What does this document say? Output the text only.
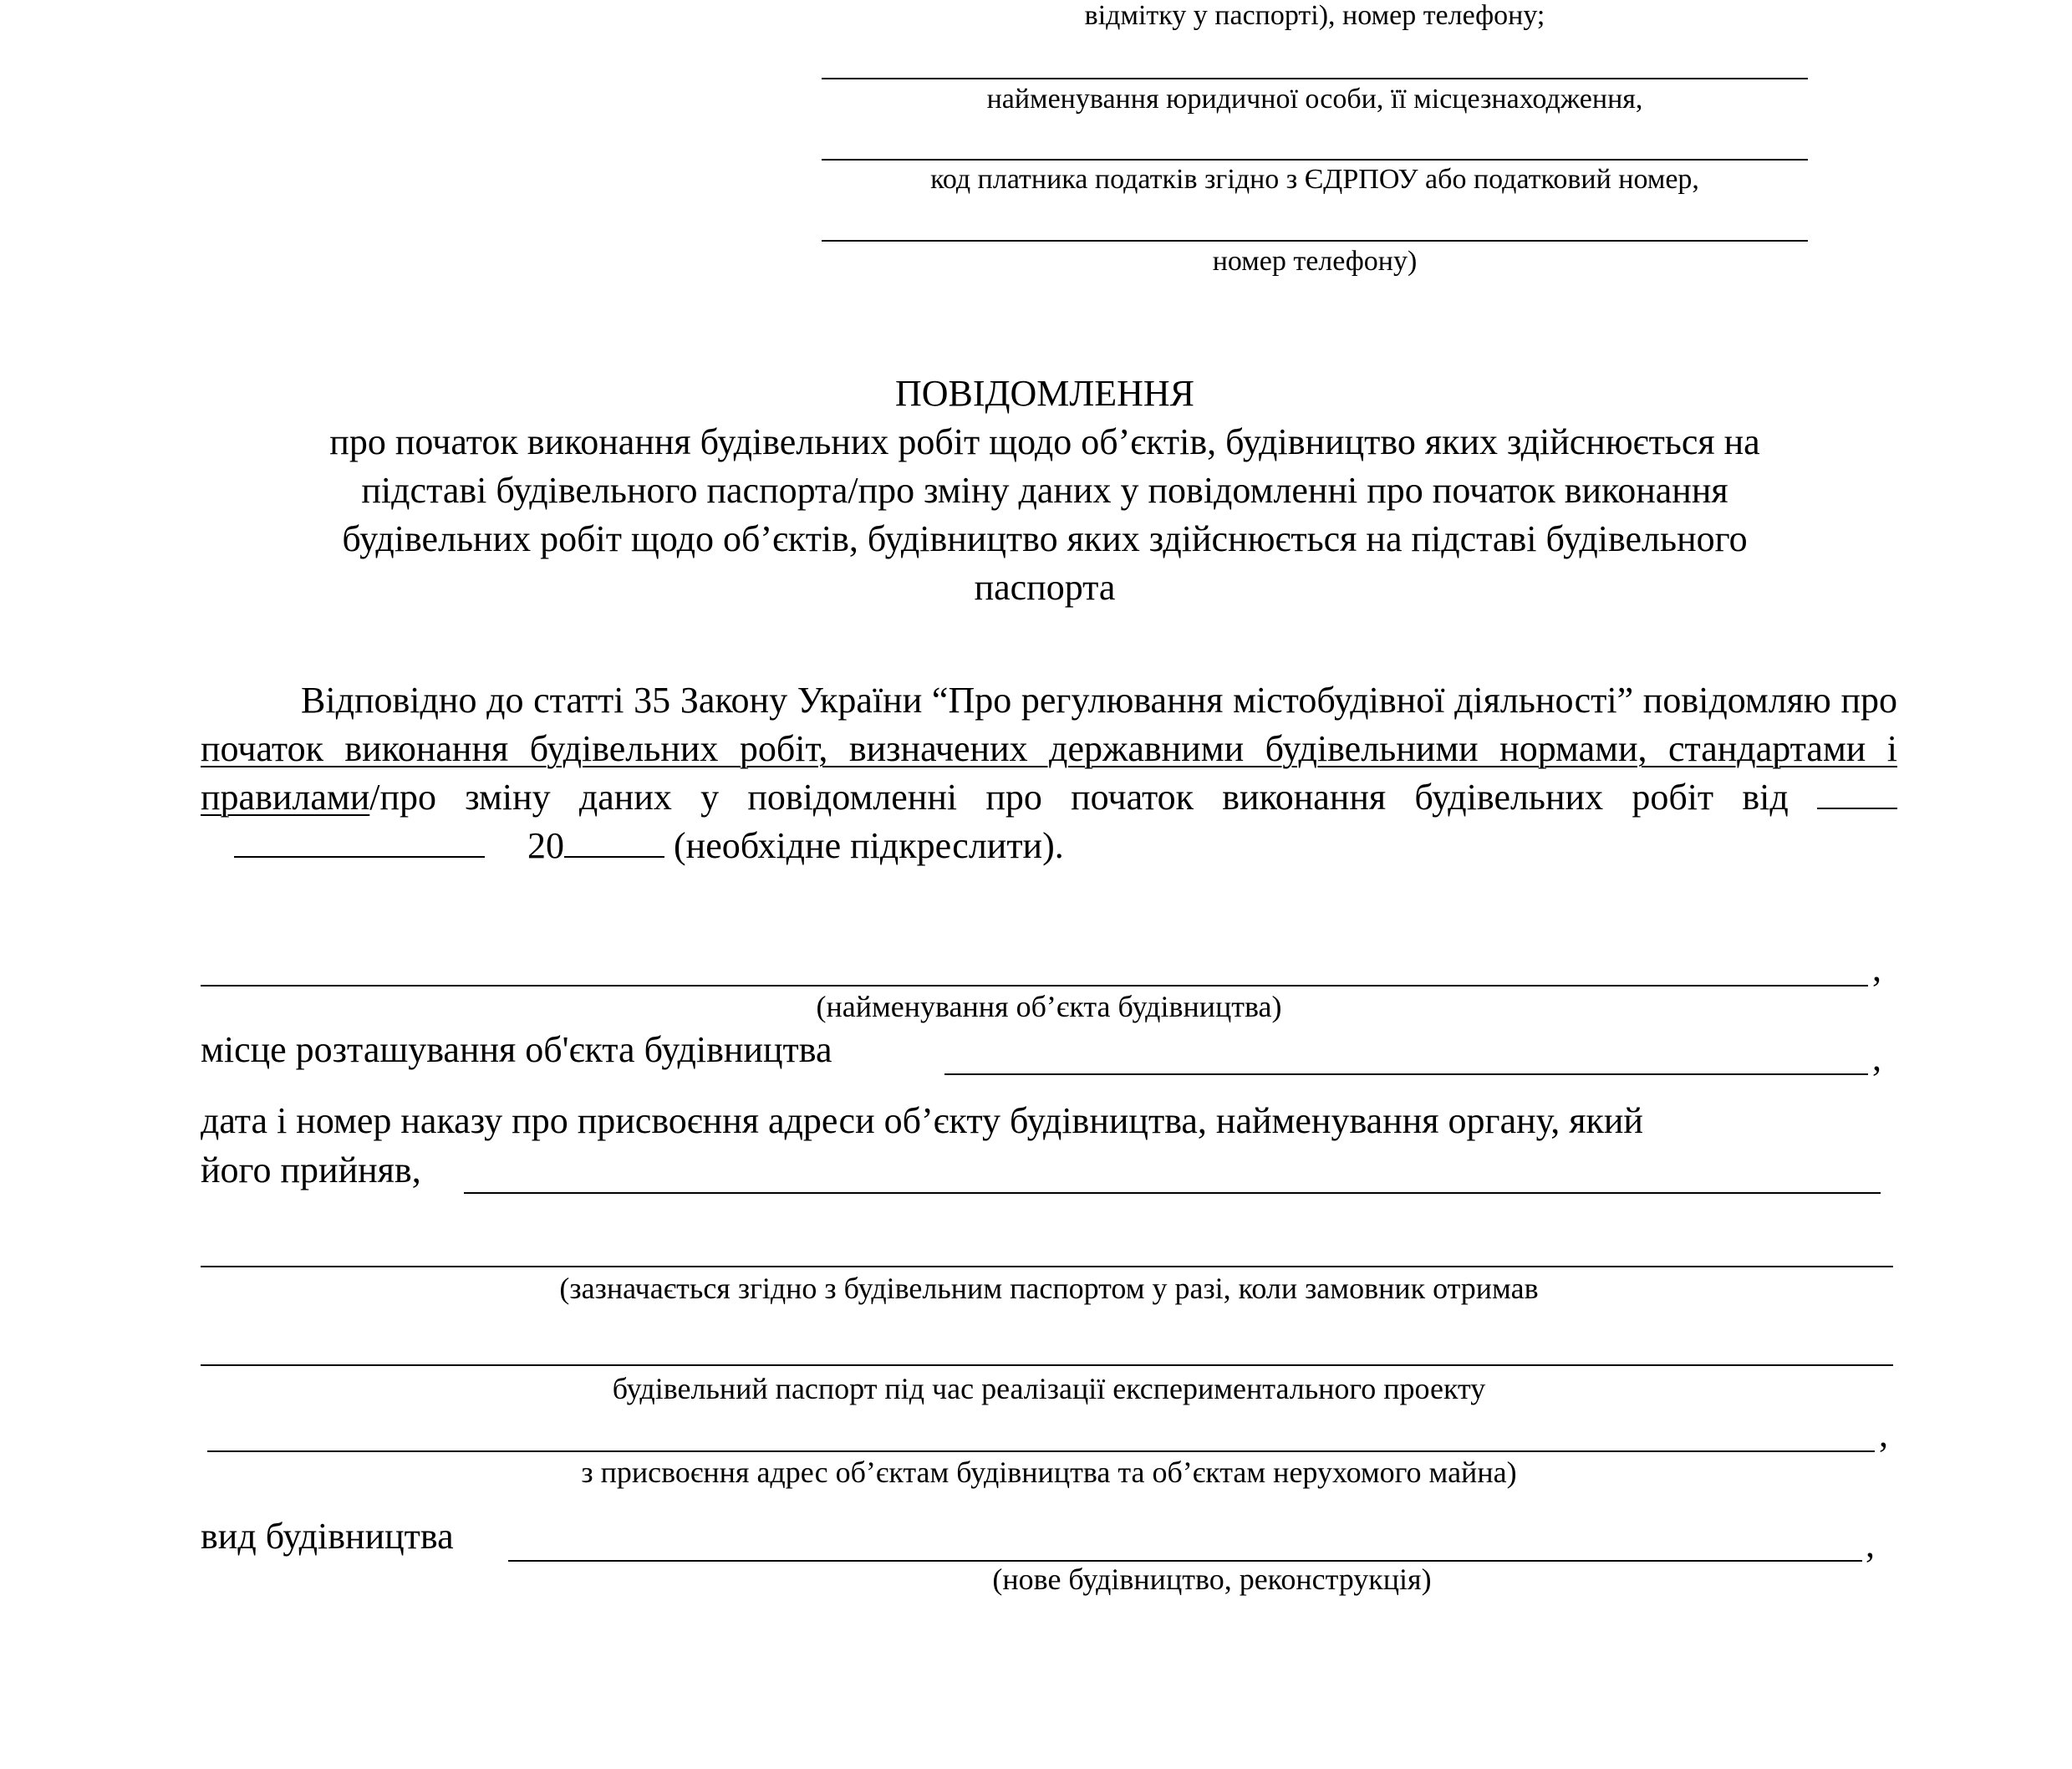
відмітку у паспорті), номер телефону;
найменування юридичної особи, її місцезнаходження,
код платника податків згідно з ЄДРПОУ або податковий номер,
номер телефону)
ПОВІДОМЛЕННЯ
про початок виконання будівельних робіт щодо об’єктів, будівництво яких здійснюється на
підставі будівельного паспорта/про зміну даних у повідомленні про початок виконання
будівельних робіт щодо об’єктів, будівництво яких здійснюється на підставі будівельного
паспорта
Відповідно до статті 35 Закону України “Про регулювання містобудівної діяльності” повідомляю про початок виконання будівельних робіт, визначених державними будівельними нормами, стандартами і правилами/про зміну даних у повідомленні про початок виконання будівельних робіт від   20	(необхідне підкреслити).
,
(найменування об’єкта будівництва)
місце розташування об'єкта будівництва	,
дата і номер наказу про присвоєння адреси об’єкту будівництва, найменування органу, який
його прийняв,
(зазначається згідно з будівельним паспортом у разі, коли замовник отримав
будівельний паспорт під час реалізації експериментального проекту
,
з присвоєння адрес об’єктам будівництва та об’єктам нерухомого майна)
вид будівництва	,
(нове будівництво, реконструкція)
